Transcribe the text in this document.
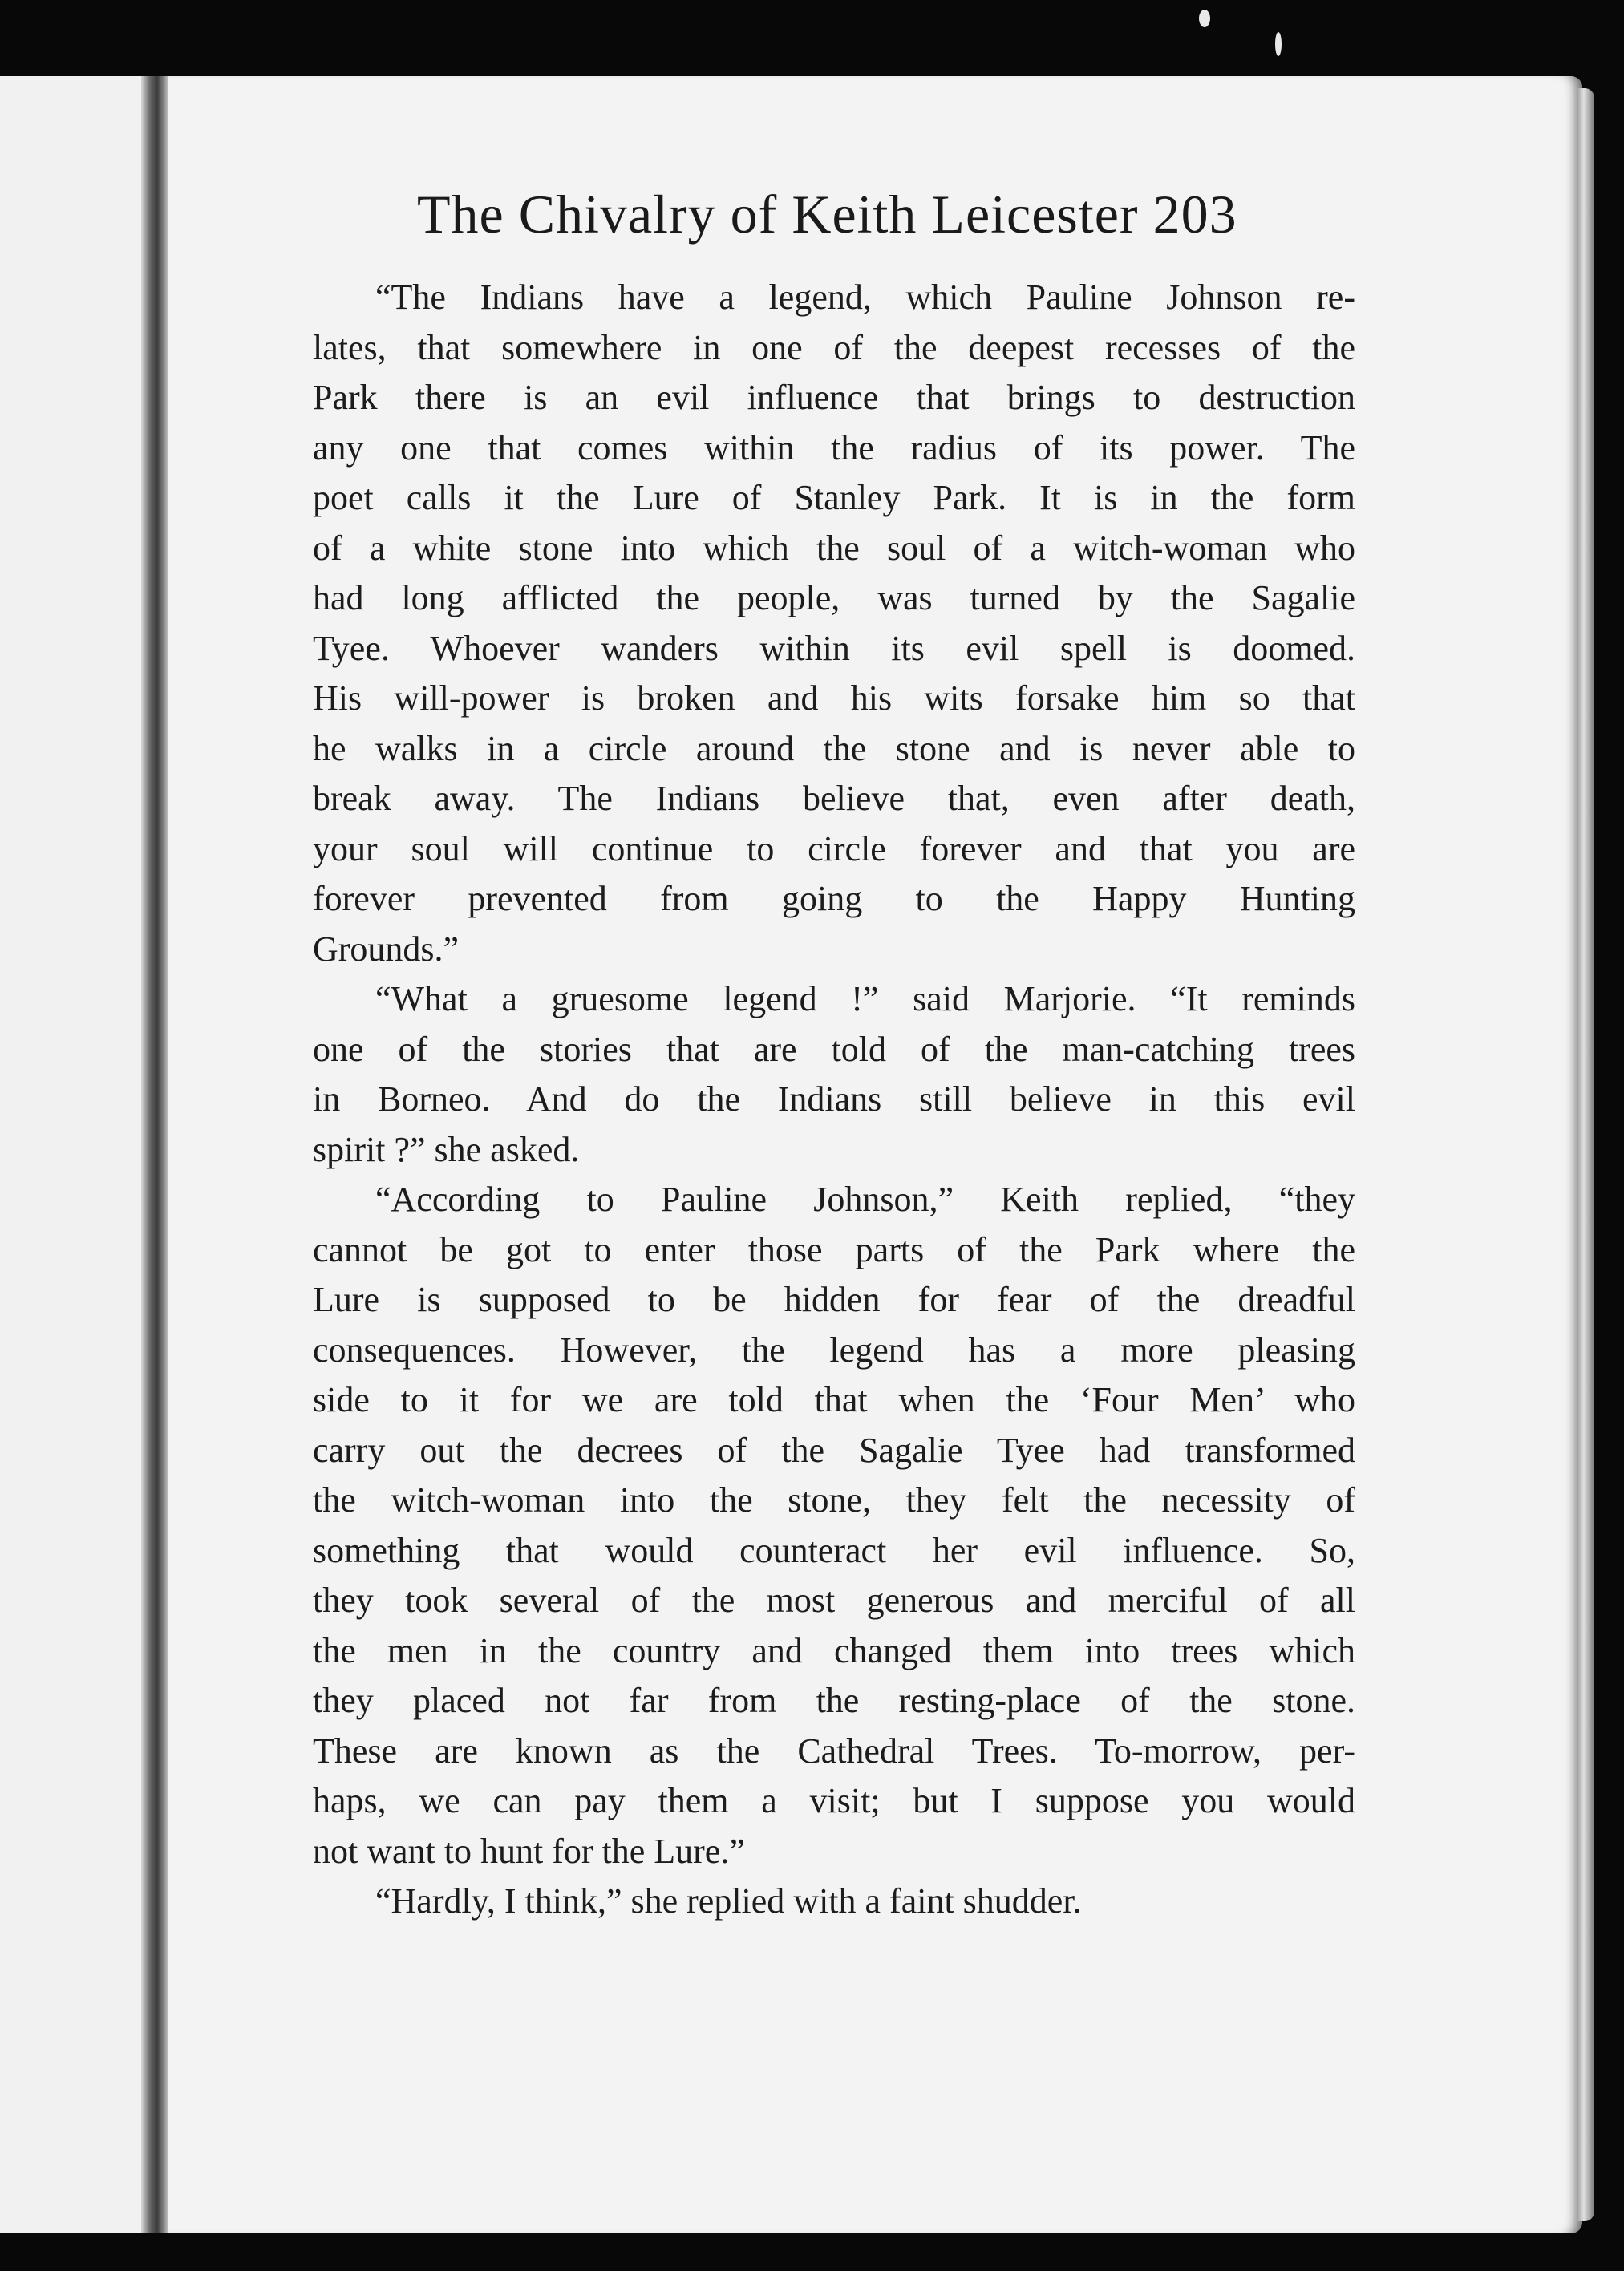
The Chivalry of Keith Leicester 203
“The Indians have a legend, which Pauline Johnson re-
lates, that somewhere in one of the deepest recesses of the
Park there is an evil influence that brings to destruction
any one that comes within the radius of its power. The
poet calls it the Lure of Stanley Park. It is in the form
of a white stone into which the soul of a witch-woman who
had long afflicted the people, was turned by the Sagalie
Tyee. Whoever wanders within its evil spell is doomed.
His will-power is broken and his wits forsake him so that
he walks in a circle around the stone and is never able to
break away. The Indians believe that, even after death,
your soul will continue to circle forever and that you are
forever prevented from going to the Happy Hunting
Grounds.”
“What a gruesome legend !” said Marjorie. “It reminds
one of the stories that are told of the man-catching trees
in Borneo. And do the Indians still believe in this evil
spirit ?” she asked.
“According to Pauline Johnson,” Keith replied, “they
cannot be got to enter those parts of the Park where the
Lure is supposed to be hidden for fear of the dreadful
consequences. However, the legend has a more pleasing
side to it for we are told that when the ‘Four Men’ who
carry out the decrees of the Sagalie Tyee had transformed
the witch-woman into the stone, they felt the necessity of
something that would counteract her evil influence. So,
they took several of the most generous and merciful of all
the men in the country and changed them into trees which
they placed not far from the resting-place of the stone.
These are known as the Cathedral Trees. To-morrow, per-
haps, we can pay them a visit; but I suppose you would
not want to hunt for the Lure.”
“Hardly, I think,” she replied with a faint shudder.
